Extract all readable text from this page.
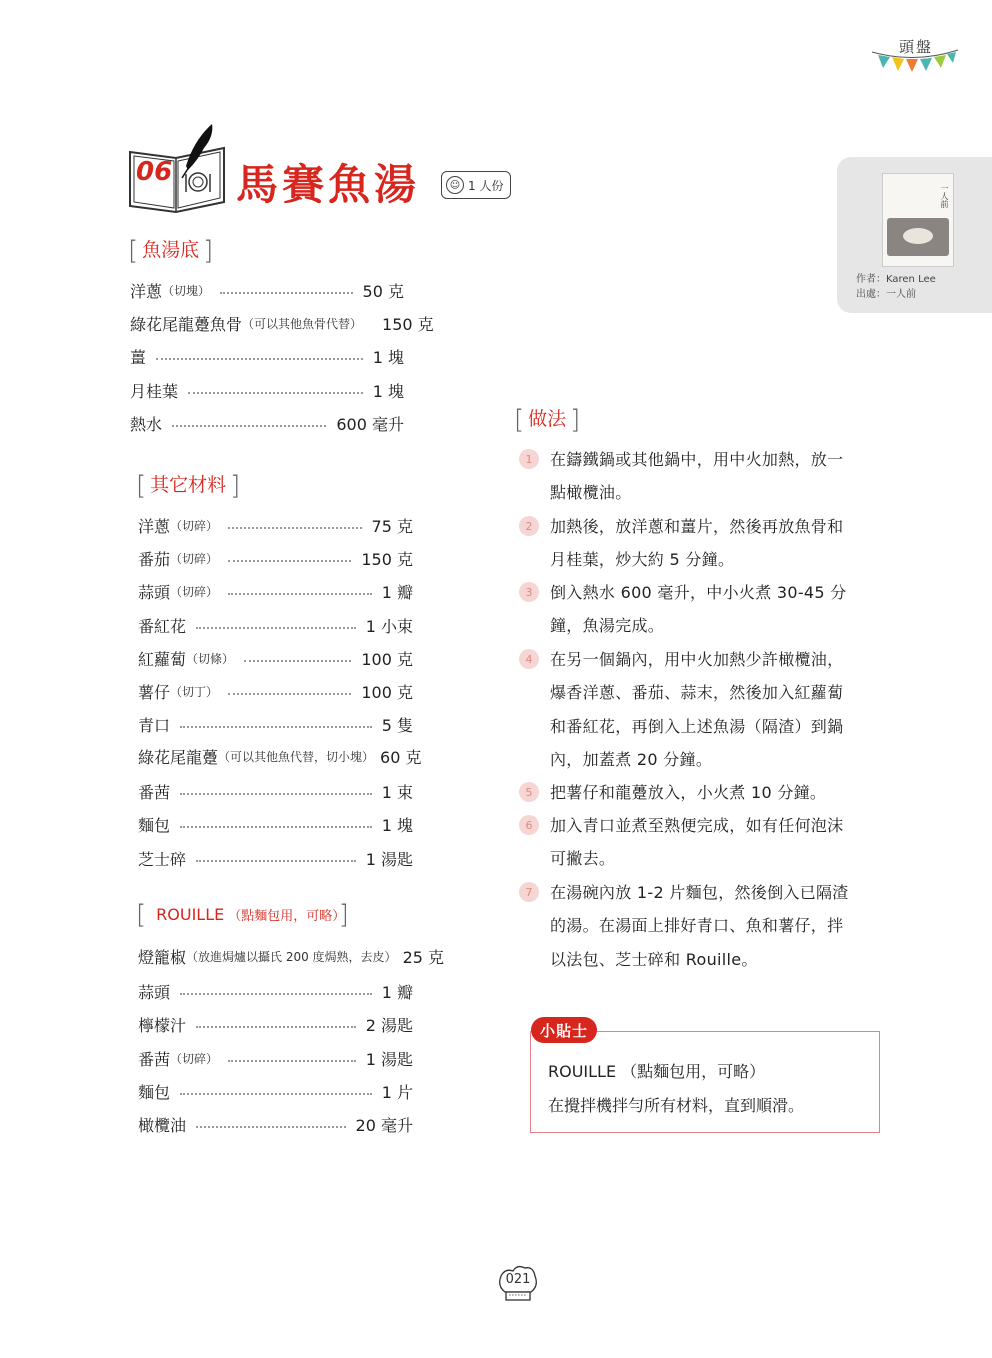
頭盤
06 馬賽魚湯	☺ 1 人份	一人前
作者：Karen Lee
出處：一人前
[ 魚湯底 ]
洋蔥 （切塊）	50 克
綠花尾龍躉魚骨 （可以其他魚骨代替） 150 克
薑	1 塊
月桂葉	1 塊
熱水	600 毫升
[ 其它材料 ]
洋蔥 （切碎）	75 克
番茄 （切碎）	150 克
蒜頭 （切碎）	1 瓣
番紅花	1 小束
紅蘿蔔 （切條）	100 克
薯仔 （切丁）	100 克
青口	5 隻
綠花尾龍躉 （可以其他魚代替，切小塊） 60 克
番茜	1 束
麵包	1 塊
芝士碎	1 湯匙
[ ROUILLE （點麵包用，可略）]
燈籠椒 （放進焗爐以攝氏 200 度焗熟，去皮） 25 克
蒜頭	1 瓣
檸檬汁	2 湯匙
番茜 （切碎）	1 湯匙
麵包	1 片
橄欖油	20 毫升
[ 做法 ]
1	在鑄鐵鍋或其他鍋中，用中火加熱，放一
點橄欖油。
2	加熱後，放洋蔥和薑片，然後再放魚骨和
月桂葉，炒大約 5 分鐘。
3	倒入熱水 600 毫升，中小火煮 30-45 分
鐘，魚湯完成。
4	在另一個鍋內，用中火加熱少許橄欖油，
爆香洋蔥、番茄、蒜末，然後加入紅蘿蔔
和番紅花，再倒入上述魚湯（隔渣）到鍋
內，加蓋煮 20 分鐘。
5	把薯仔和龍躉放入，小火煮 10 分鐘。
6	加入青口並煮至熟便完成，如有任何泡沫
可撇去。
7	在湯碗內放 1-2 片麵包，然後倒入已隔渣
的湯。在湯面上排好青口、魚和薯仔，拌
以法包、芝士碎和 Rouille。
小貼士
ROUILLE （點麵包用，可略）
在攪拌機拌勻所有材料，直到順滑。
021
